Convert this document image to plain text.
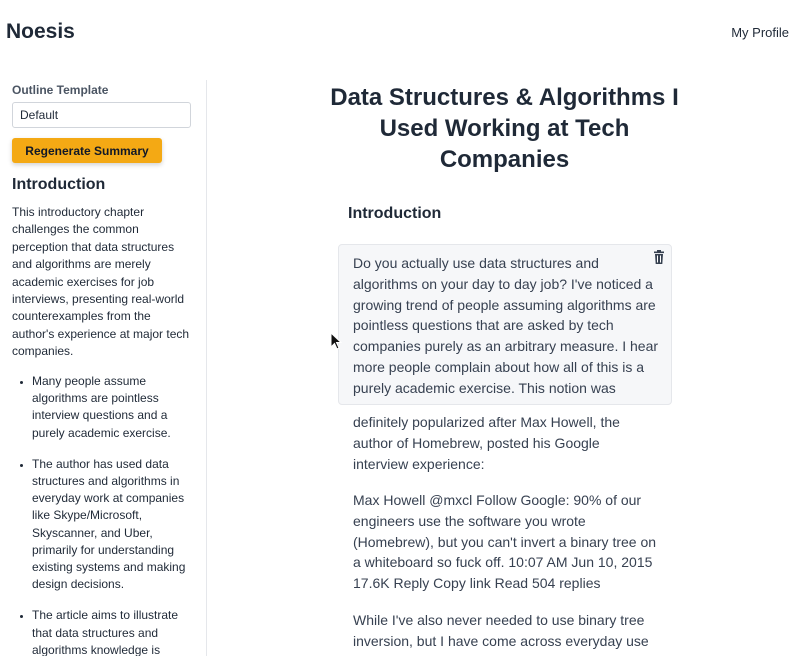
Noesis	My Profile
Outline Template
Default
Regenerate Summary
Introduction
This introductory chapter challenges the common perception that data structures and algorithms are merely academic exercises for job interviews, presenting real-world counterexamples from the author's experience at major tech companies.
Many people assume algorithms are pointless interview questions and a purely academic exercise.
The author has used data structures and algorithms in everyday work at companies like Skype/Microsoft, Skyscanner, and Uber, primarily for understanding existing systems and making design decisions.
The article aims to illustrate that data structures and algorithms knowledge is
Data Structures & Algorithms I Used Working at Tech Companies
Introduction
Do you actually use data structures and algorithms on your day to day job? I've noticed a growing trend of people assuming algorithms are pointless questions that are asked by tech companies purely as an arbitrary measure. I hear more people complain about how all of this is a purely academic exercise. This notion was

definitely popularized after Max Howell, the author of Homebrew, posted his Google interview experience:

Max Howell @mxcl Follow Google: 90% of our engineers use the software you wrote (Homebrew), but you can't invert a binary tree on a whiteboard so fuck off. 10:07 AM Jun 10, 2015 17.6K Reply Copy link Read 504 replies

While I've also never needed to use binary tree inversion, but I have come across everyday use
